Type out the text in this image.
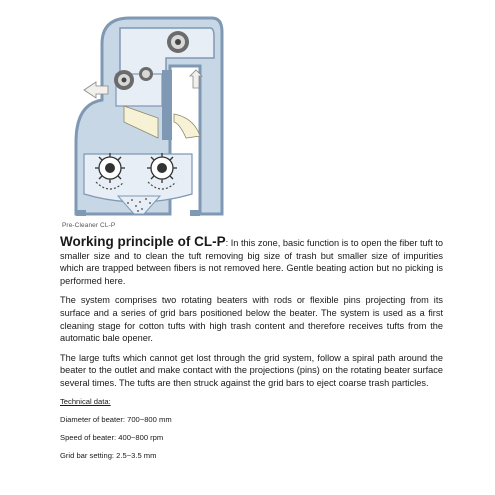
Pre-Cleaner CL-P

Working principle of CL-P: In this zone, basic function is to open the fiber tuft to smaller size and to clean the tuft removing big size of trash but smaller size of impurities which are trapped between fibers is not removed here. Gentle beating action but no picking is performed here.

The system comprises two rotating beaters with rods or flexible pins projecting from its surface and a series of grid bars positioned below the beater. The system is used as a first cleaning stage for cotton tufts with high trash content and therefore receives tufts from the automatic bale opener.

The large tufts which cannot get lost through the grid system, follow a spiral path around the beater to the outlet and make contact with the projections (pins) on the rotating beater surface several times. The tufts are then struck against the grid bars to eject coarse trash particles.

Technical data:

Diameter of beater: 700~800 mm

Speed of beater: 400~800 rpm

Grid bar setting: 2.5~3.5 mm
